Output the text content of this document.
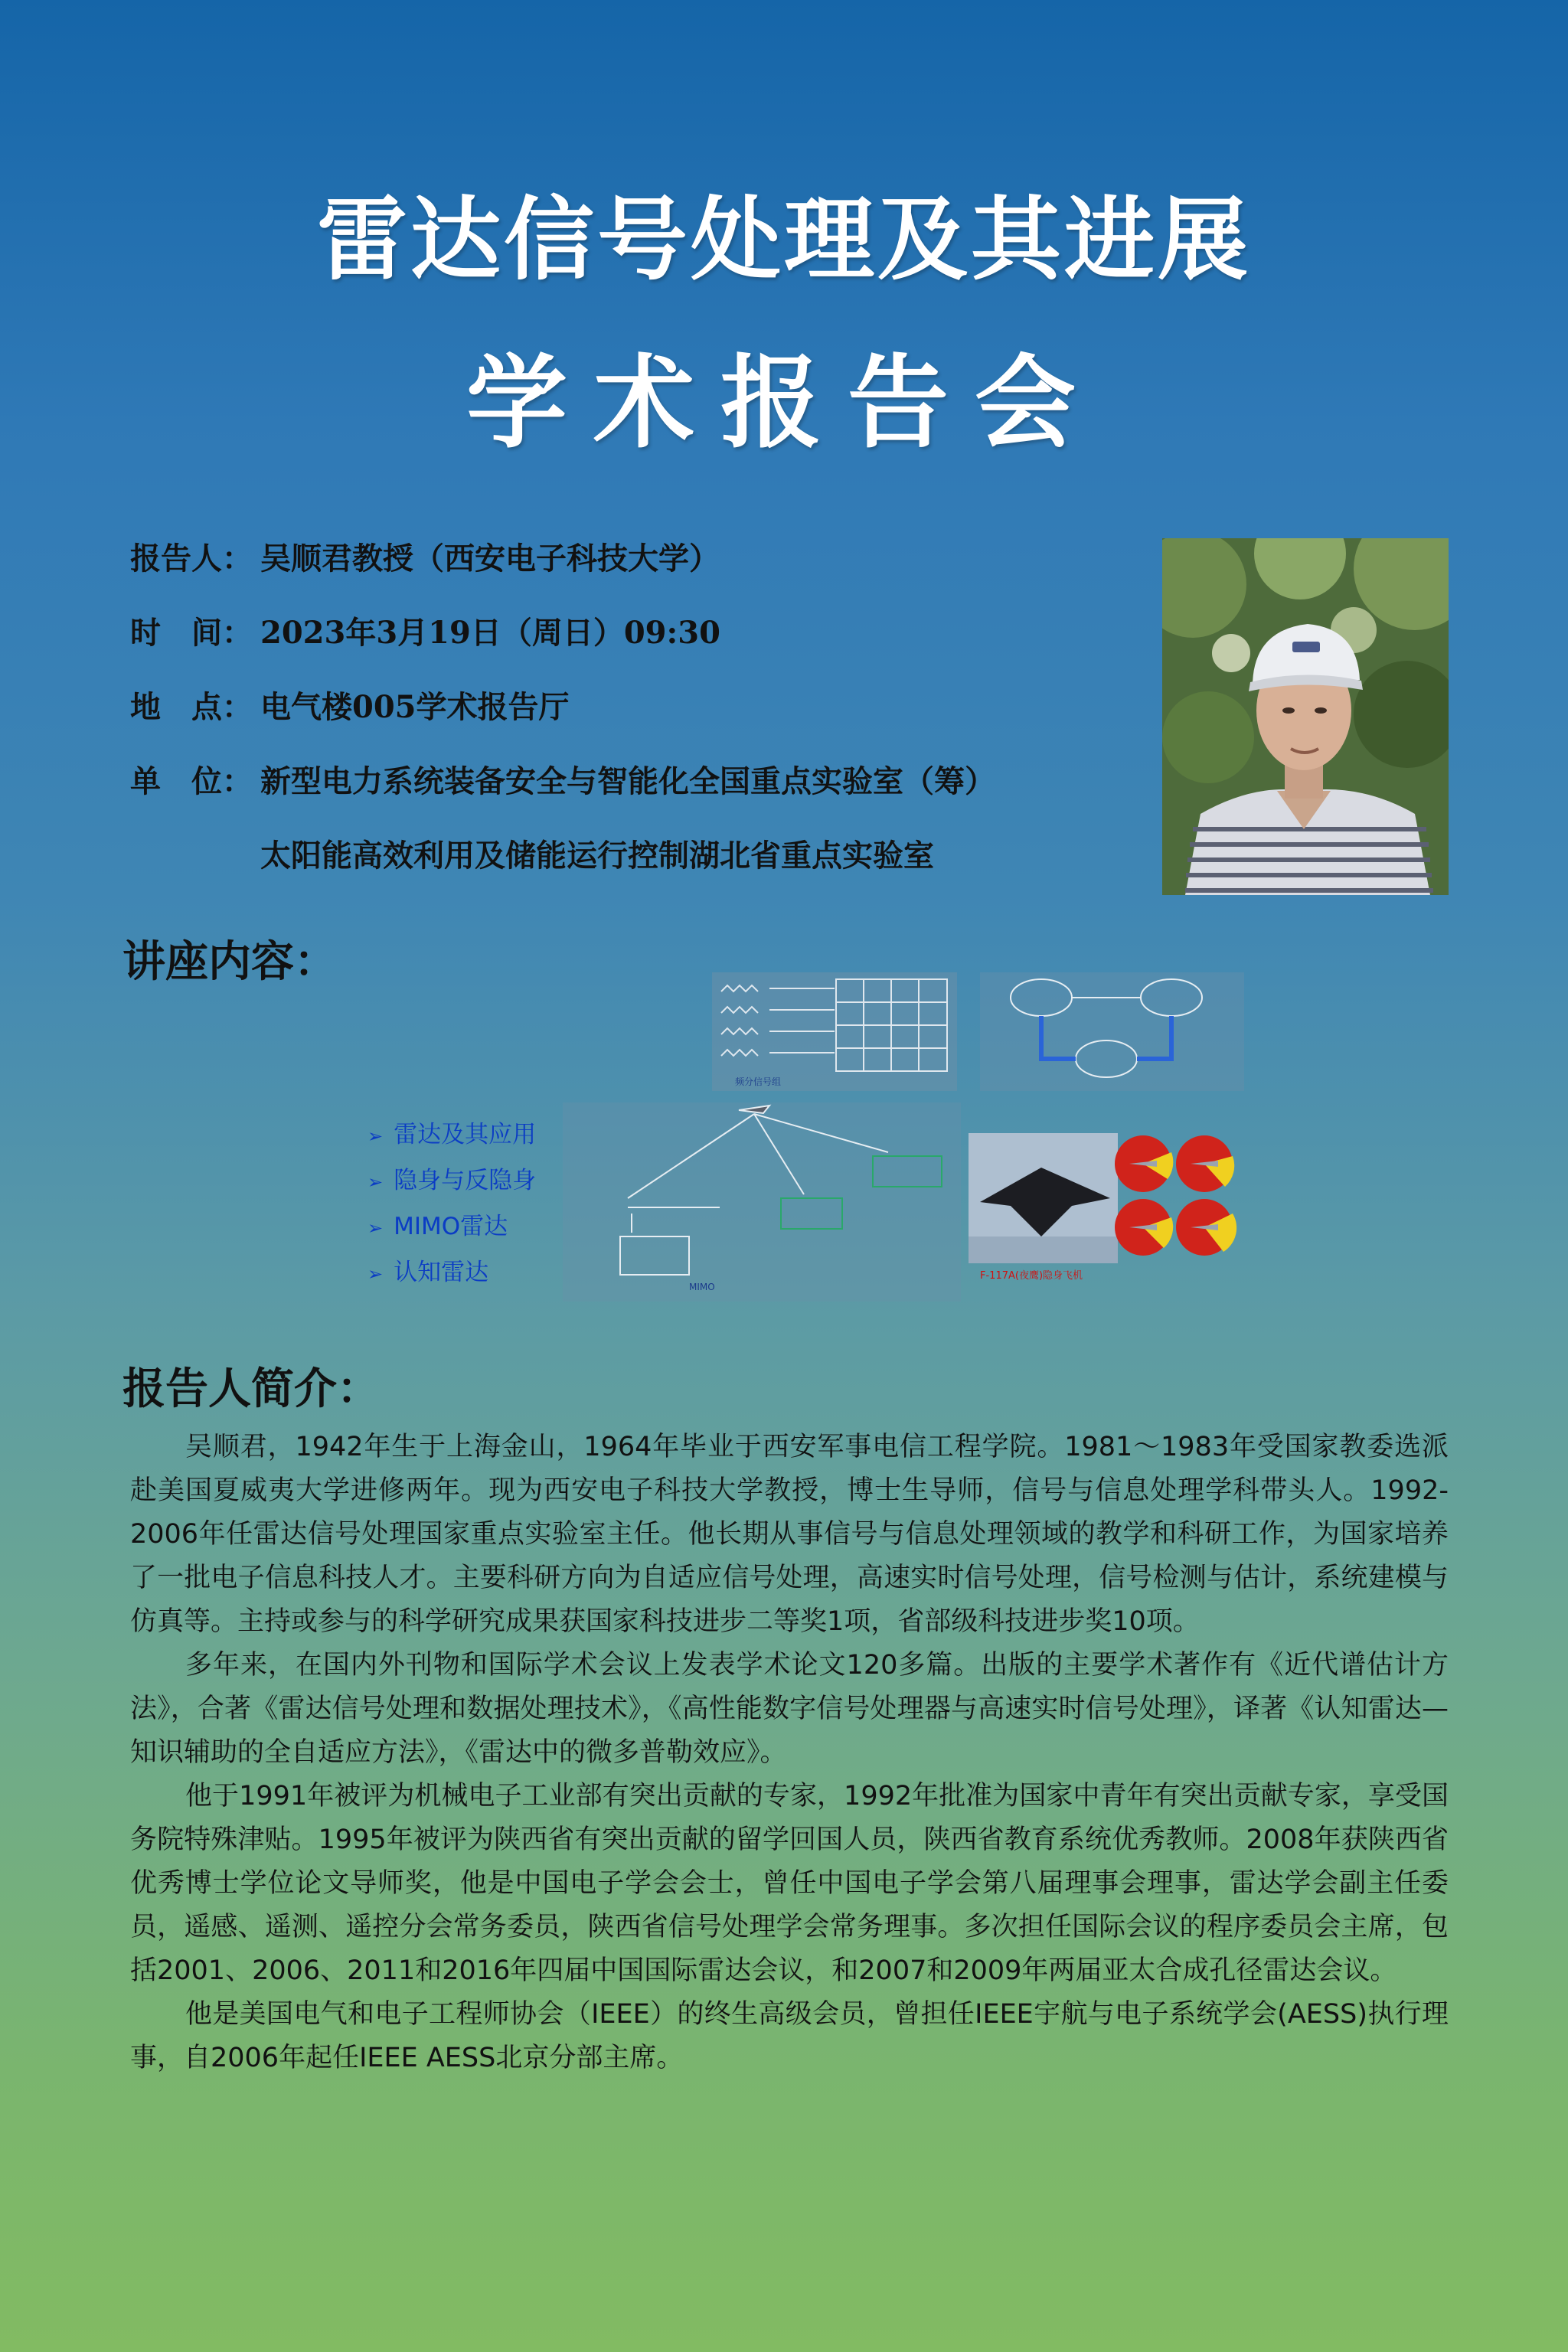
雷达信号处理及其进展
学术报告会
报告人： 吴顺君教授（西安电子科技大学）
时　间： 2023年3月19日（周日）09:30
地　点： 电气楼005学术报告厅
单　位： 新型电力系统装备安全与智能化全国重点实验室（筹）
太阳能高效利用及储能运行控制湖北省重点实验室
讲座内容：
➢ 雷达及其应用
➢ 隐身与反隐身
➢ MIMO雷达
➢ 认知雷达
频分信号组
MIMO
F-117A(夜鹰)隐身飞机
报告人简介：

吴顺君，1942年生于上海金山，1964年毕业于西安军事电信工程学院。1981～1983年受国家教委选派赴美国夏威夷大学进修两年。现为西安电子科技大学教授，博士生导师，信号与信息处理学科带头人。1992-2006年任雷达信号处理国家重点实验室主任。他长期从事信号与信息处理领域的教学和科研工作，为国家培养了一批电子信息科技人才。主要科研方向为自适应信号处理，高速实时信号处理，信号检测与估计，系统建模与仿真等。主持或参与的科学研究成果获国家科技进步二等奖1项，省部级科技进步奖10项。

多年来，在国内外刊物和国际学术会议上发表学术论文120多篇。出版的主要学术著作有《近代谱估计方法》，合著《雷达信号处理和数据处理技术》，《高性能数字信号处理器与高速实时信号处理》，译著《认知雷达—知识辅助的全自适应方法》，《雷达中的微多普勒效应》。

他于1991年被评为机械电子工业部有突出贡献的专家，1992年批准为国家中青年有突出贡献专家，享受国务院特殊津贴。1995年被评为陕西省有突出贡献的留学回国人员，陕西省教育系统优秀教师。2008年获陕西省优秀博士学位论文导师奖，他是中国电子学会会士，曾任中国电子学会第八届理事会理事，雷达学会副主任委员，遥感、遥测、遥控分会常务委员，陕西省信号处理学会常务理事。多次担任国际会议的程序委员会主席，包括2001、2006、2011和2016年四届中国国际雷达会议，和2007和2009年两届亚太合成孔径雷达会议。

他是美国电气和电子工程师协会（IEEE）的终生高级会员，曾担任IEEE宇航与电子系统学会(AESS)执行理事，自2006年起任IEEE AESS北京分部主席。
